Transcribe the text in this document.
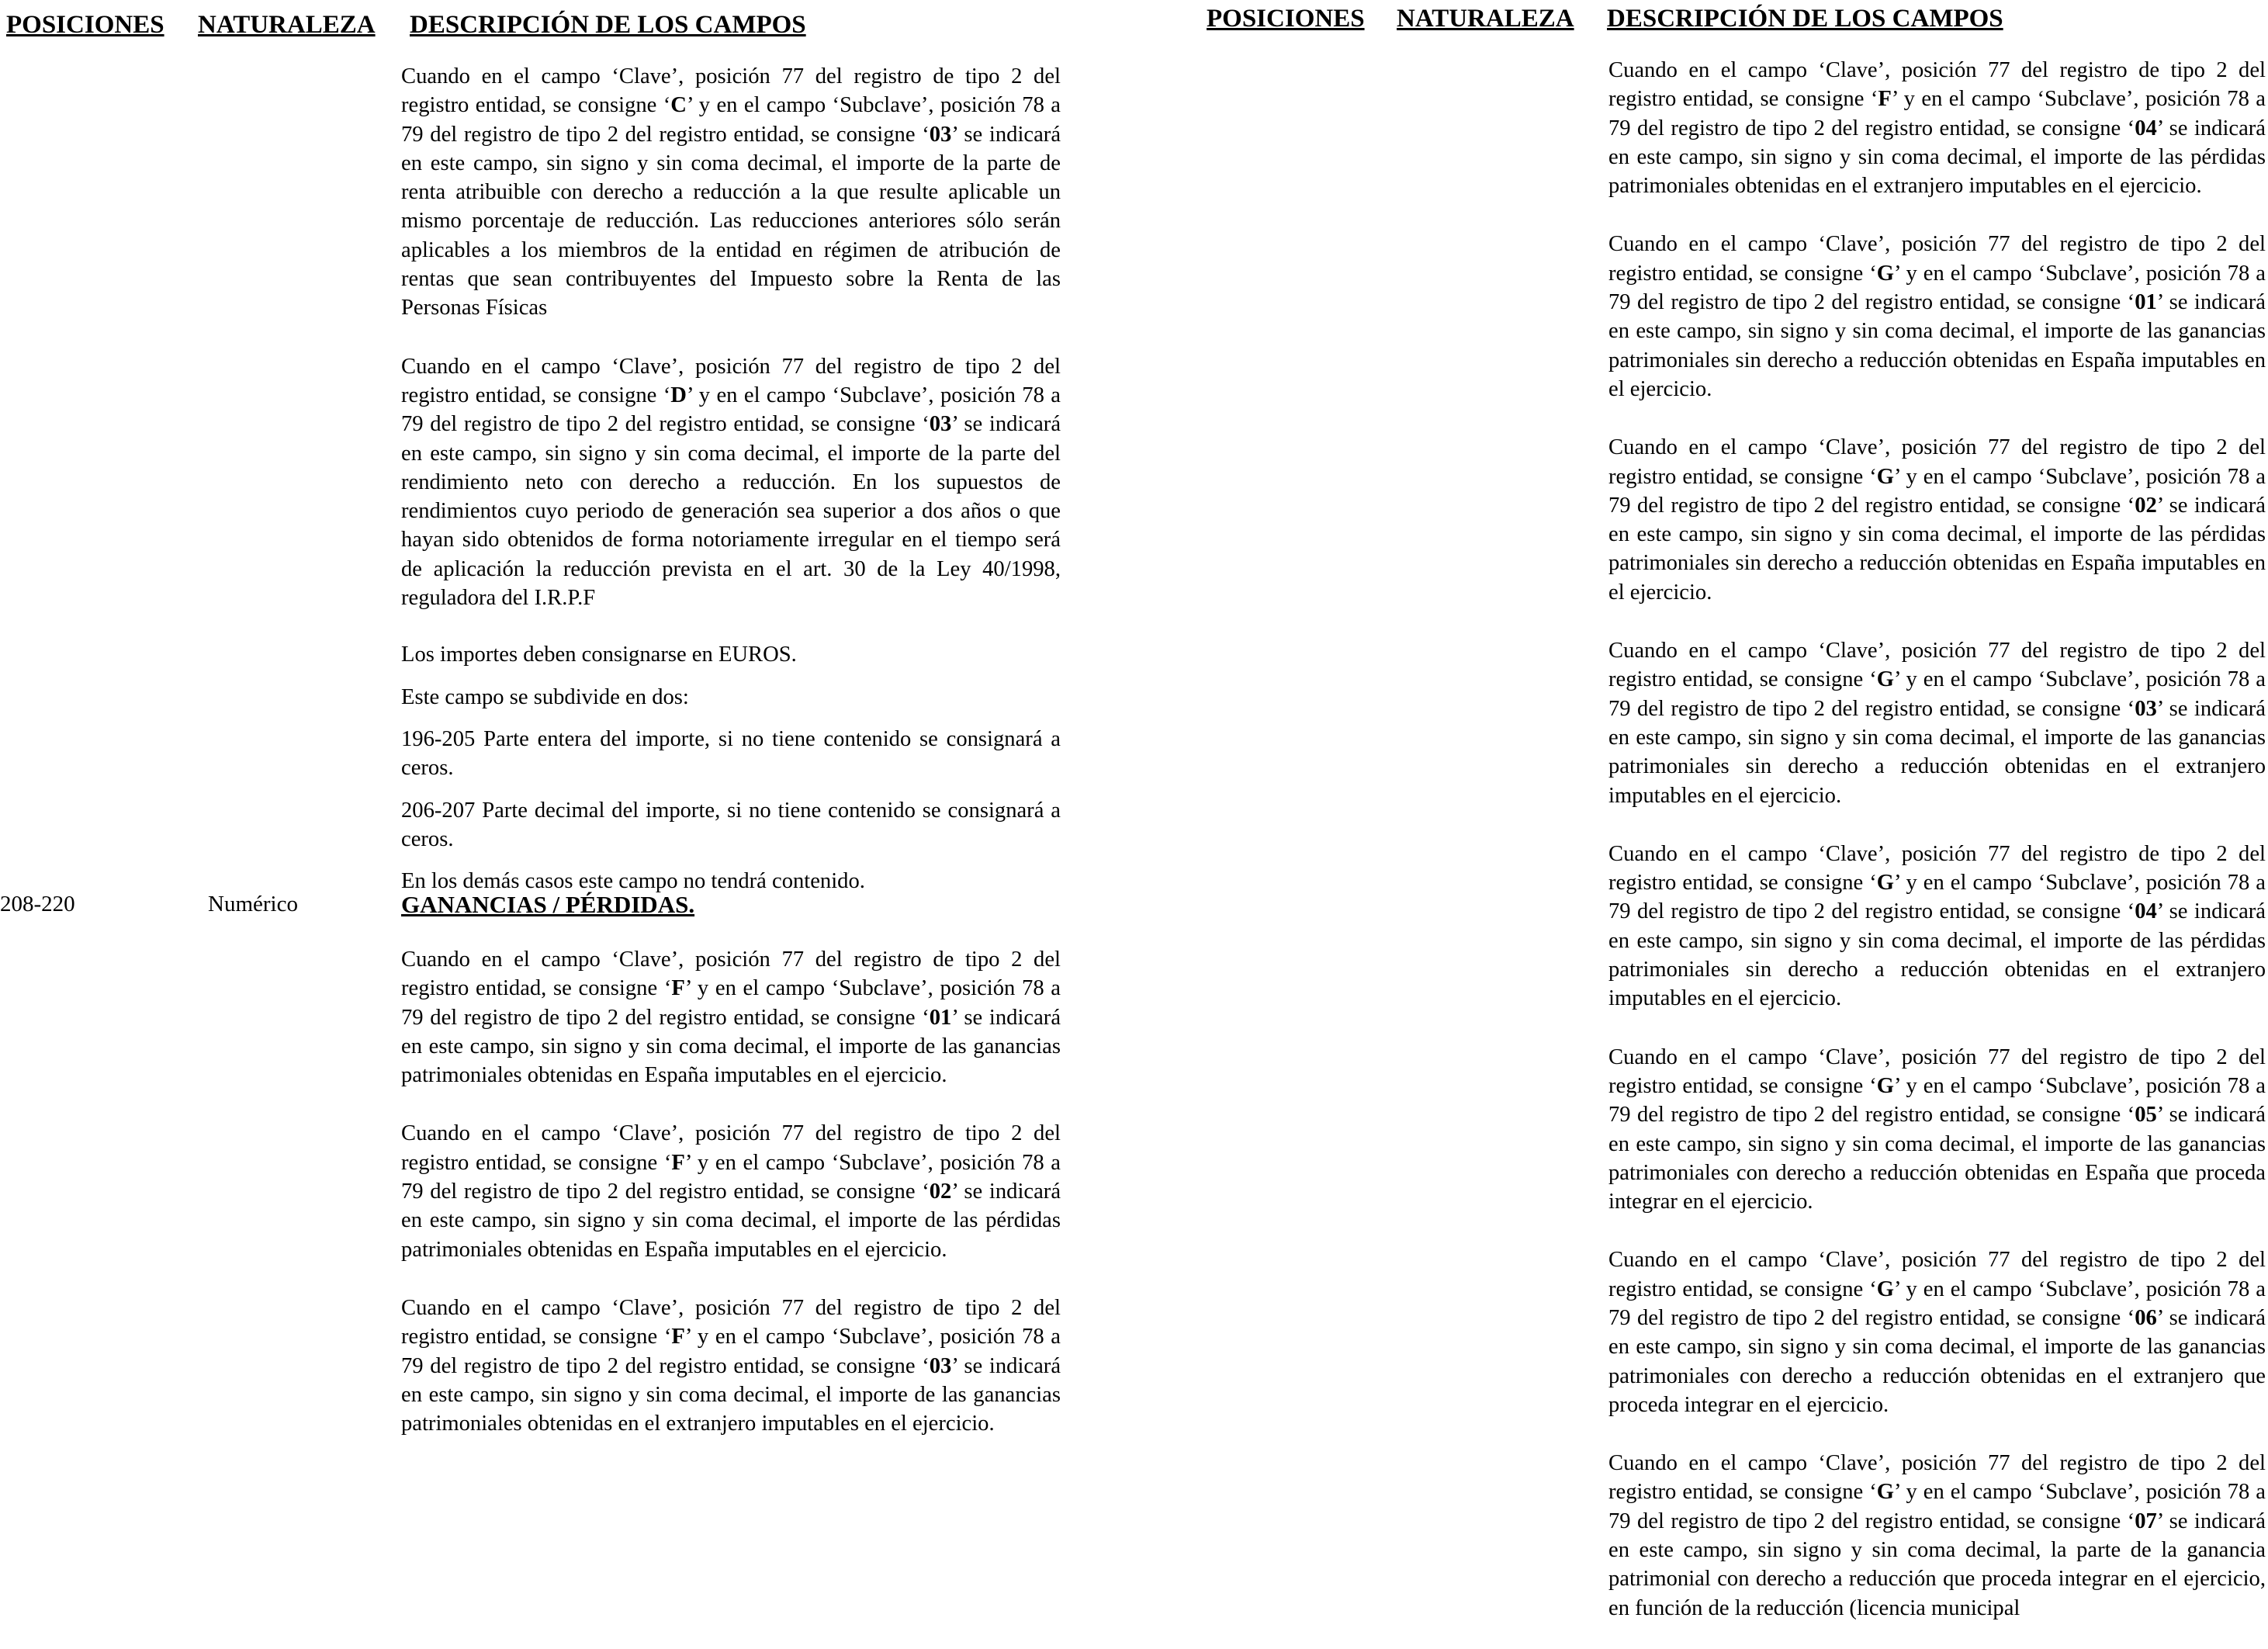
POSICIONES NATURALEZA DESCRIPCIÓN DE LOS CAMPOS

Cuando en el campo ‘Clave’, posición 77 del registro de tipo 2 del registro entidad, se consigne ‘C’ y en el campo ‘Subclave’, posición 78 a 79 del registro de tipo 2 del registro entidad, se consigne ‘03’ se indicará en este campo, sin signo y sin coma decimal, el importe de la parte de renta atribuible con derecho a reducción a la que resulte aplicable un mismo porcentaje de reducción. Las reducciones anteriores sólo serán aplicables a los miembros de la entidad en régimen de atribución de rentas que sean contribuyentes del Impuesto sobre la Renta de las Personas Físicas

Cuando en el campo ‘Clave’, posición 77 del registro de tipo 2 del registro entidad, se consigne ‘D’ y en el campo ‘Subclave’, posición 78 a 79 del registro de tipo 2 del registro entidad, se consigne ‘03’ se indicará en este campo, sin signo y sin coma decimal, el importe de la parte del rendimiento neto con derecho a reducción. En los supuestos de rendimientos cuyo periodo de generación sea superior a dos años o que hayan sido obtenidos de forma notoriamente irregular en el tiempo será de aplicación la reducción prevista en el art. 30 de la Ley 40/1998, reguladora del I.R.P.F

Los importes deben consignarse en EUROS.

Este campo se subdivide en dos:

196-205 Parte entera del importe, si no tiene contenido se consignará a ceros.

206-207 Parte decimal del importe, si no tiene contenido se consignará a ceros.

En los demás casos este campo no tendrá contenido.

208-220	Numérico	GANANCIAS / PÉRDIDAS.

Cuando en el campo ‘Clave’, posición 77 del registro de tipo 2 del registro entidad, se consigne ‘F’ y en el campo ‘Subclave’, posición 78 a 79 del registro de tipo 2 del registro entidad, se consigne ‘01’ se indicará en este campo, sin signo y sin coma decimal, el importe de las ganancias patrimoniales obtenidas en España imputables en el ejercicio.

Cuando en el campo ‘Clave’, posición 77 del registro de tipo 2 del registro entidad, se consigne ‘F’ y en el campo ‘Subclave’, posición 78 a 79 del registro de tipo 2 del registro entidad, se consigne ‘02’ se indicará en este campo, sin signo y sin coma decimal, el importe de las pérdidas patrimoniales obtenidas en España imputables en el ejercicio.

Cuando en el campo ‘Clave’, posición 77 del registro de tipo 2 del registro entidad, se consigne ‘F’ y en el campo ‘Subclave’, posición 78 a 79 del registro de tipo 2 del registro entidad, se consigne ‘03’ se indicará en este campo, sin signo y sin coma decimal, el importe de las ganancias patrimoniales obtenidas en el extranjero imputables en el ejercicio.

POSICIONES NATURALEZA DESCRIPCIÓN DE LOS CAMPOS

Cuando en el campo ‘Clave’, posición 77 del registro de tipo 2 del registro entidad, se consigne ‘F’ y en el campo ‘Subclave’, posición 78 a 79 del registro de tipo 2 del registro entidad, se consigne ‘04’ se indicará en este campo, sin signo y sin coma decimal, el importe de las pérdidas patrimoniales obtenidas en el extranjero imputables en el ejercicio.

Cuando en el campo ‘Clave’, posición 77 del registro de tipo 2 del registro entidad, se consigne ‘G’ y en el campo ‘Subclave’, posición 78 a 79 del registro de tipo 2 del registro entidad, se consigne ‘01’ se indicará en este campo, sin signo y sin coma decimal, el importe de las ganancias patrimoniales sin derecho a reducción obtenidas en España imputables en el ejercicio.

Cuando en el campo ‘Clave’, posición 77 del registro de tipo 2 del registro entidad, se consigne ‘G’ y en el campo ‘Subclave’, posición 78 a 79 del registro de tipo 2 del registro entidad, se consigne ‘02’ se indicará en este campo, sin signo y sin coma decimal, el importe de las pérdidas patrimoniales sin derecho a reducción obtenidas en España imputables en el ejercicio.

Cuando en el campo ‘Clave’, posición 77 del registro de tipo 2 del registro entidad, se consigne ‘G’ y en el campo ‘Subclave’, posición 78 a 79 del registro de tipo 2 del registro entidad, se consigne ‘03’ se indicará en este campo, sin signo y sin coma decimal, el importe de las ganancias patrimoniales sin derecho a reducción obtenidas en el extranjero imputables en el ejercicio.

Cuando en el campo ‘Clave’, posición 77 del registro de tipo 2 del registro entidad, se consigne ‘G’ y en el campo ‘Subclave’, posición 78 a 79 del registro de tipo 2 del registro entidad, se consigne ‘04’ se indicará en este campo, sin signo y sin coma decimal, el importe de las pérdidas patrimoniales sin derecho a reducción obtenidas en el extranjero imputables en el ejercicio.

Cuando en el campo ‘Clave’, posición 77 del registro de tipo 2 del registro entidad, se consigne ‘G’ y en el campo ‘Subclave’, posición 78 a 79 del registro de tipo 2 del registro entidad, se consigne ‘05’ se indicará en este campo, sin signo y sin coma decimal, el importe de las ganancias patrimoniales con derecho a reducción obtenidas en España que proceda integrar en el ejercicio.

Cuando en el campo ‘Clave’, posición 77 del registro de tipo 2 del registro entidad, se consigne ‘G’ y en el campo ‘Subclave’, posición 78 a 79 del registro de tipo 2 del registro entidad, se consigne ‘06’ se indicará en este campo, sin signo y sin coma decimal, el importe de las ganancias patrimoniales con derecho a reducción obtenidas en el extranjero que proceda integrar en el ejercicio.

Cuando en el campo ‘Clave’, posición 77 del registro de tipo 2 del registro entidad, se consigne ‘G’ y en el campo ‘Subclave’, posición 78 a 79 del registro de tipo 2 del registro entidad, se consigne ‘07’ se indicará en este campo, sin signo y sin coma decimal, la parte de la ganancia patrimonial con derecho a reducción que proceda integrar en el ejercicio, en función de la reducción (licencia municipal
